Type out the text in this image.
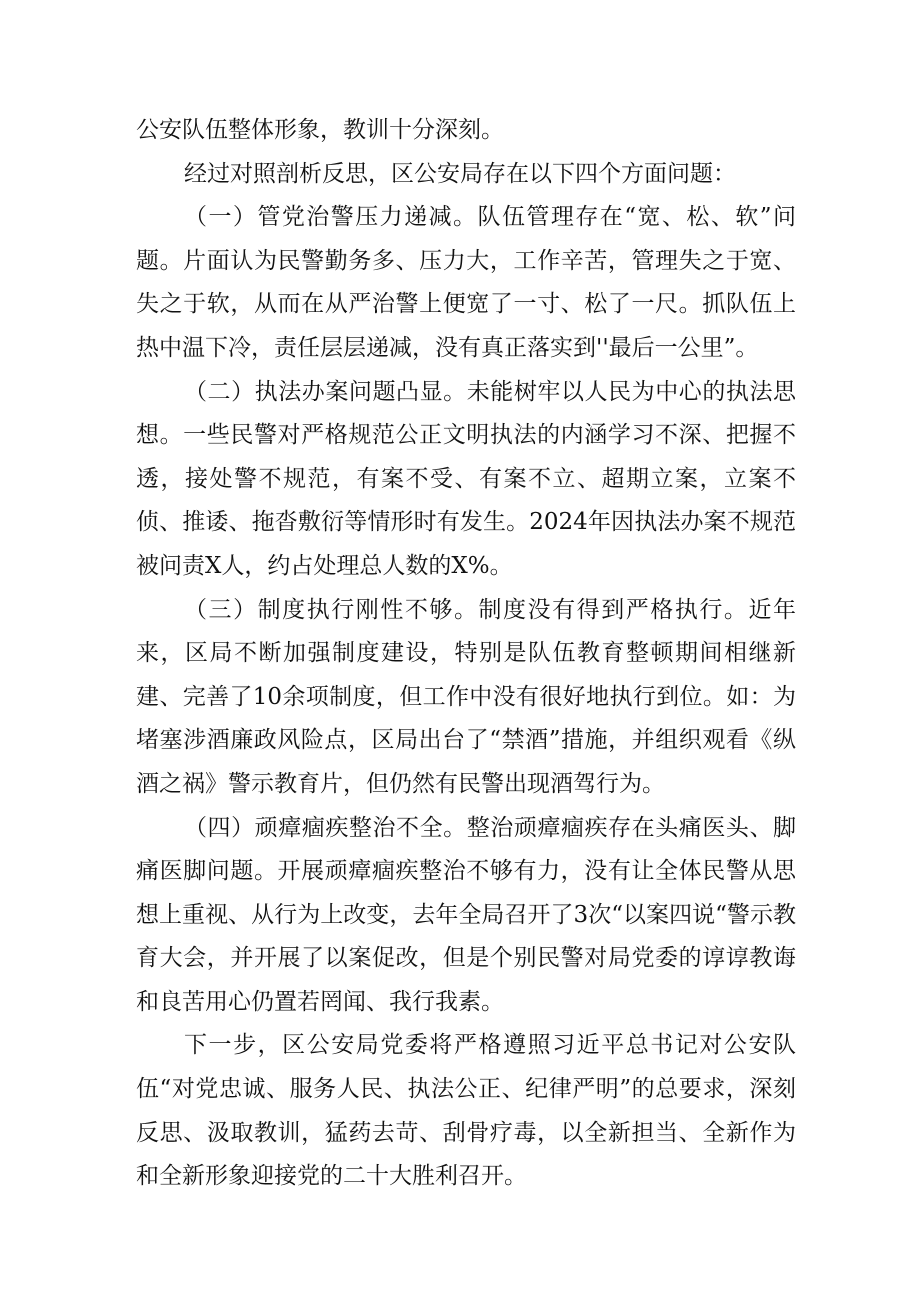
公安队伍整体形象，教训十分深刻。

经过对照剖析反思，区公安局存在以下四个方面问题：

（一）管党治警压力递减。队伍管理存在“宽、松、软”问题。片面认为民警勤务多、压力大，工作辛苦，管理失之于宽、失之于软，从而在从严治警上便宽了一寸、松了一尺。抓队伍上热中温下冷，责任层层递减，没有真正落实到''最后一公里”。

（二）执法办案问题凸显。未能树牢以人民为中心的执法思想。一些民警对严格规范公正文明执法的内涵学习不深、把握不透，接处警不规范，有案不受、有案不立、超期立案，立案不侦、推诿、拖沓敷衍等情形时有发生。2024年因执法办案不规范被问责X人，约占处理总人数的X%。

（三）制度执行刚性不够。制度没有得到严格执行。近年来，区局不断加强制度建设，特别是队伍教育整顿期间相继新建、完善了10余项制度，但工作中没有很好地执行到位。如：为堵塞涉酒廉政风险点，区局出台了“禁酒”措施，并组织观看《纵酒之祸》警示教育片，但仍然有民警出现酒驾行为。

（四）顽瘴痼疾整治不全。整治顽瘴痼疾存在头痛医头、脚痛医脚问题。开展顽瘴痼疾整治不够有力，没有让全体民警从思想上重视、从行为上改变，去年全局召开了3次“以案四说“警示教育大会，并开展了以案促改，但是个别民警对局党委的谆谆教诲和良苦用心仍置若罔闻、我行我素。

下一步，区公安局党委将严格遵照习近平总书记对公安队伍“对党忠诚、服务人民、执法公正、纪律严明”的总要求，深刻反思、汲取教训，猛药去苛、刮骨疗毒，以全新担当、全新作为和全新形象迎接党的二十大胜利召开。
